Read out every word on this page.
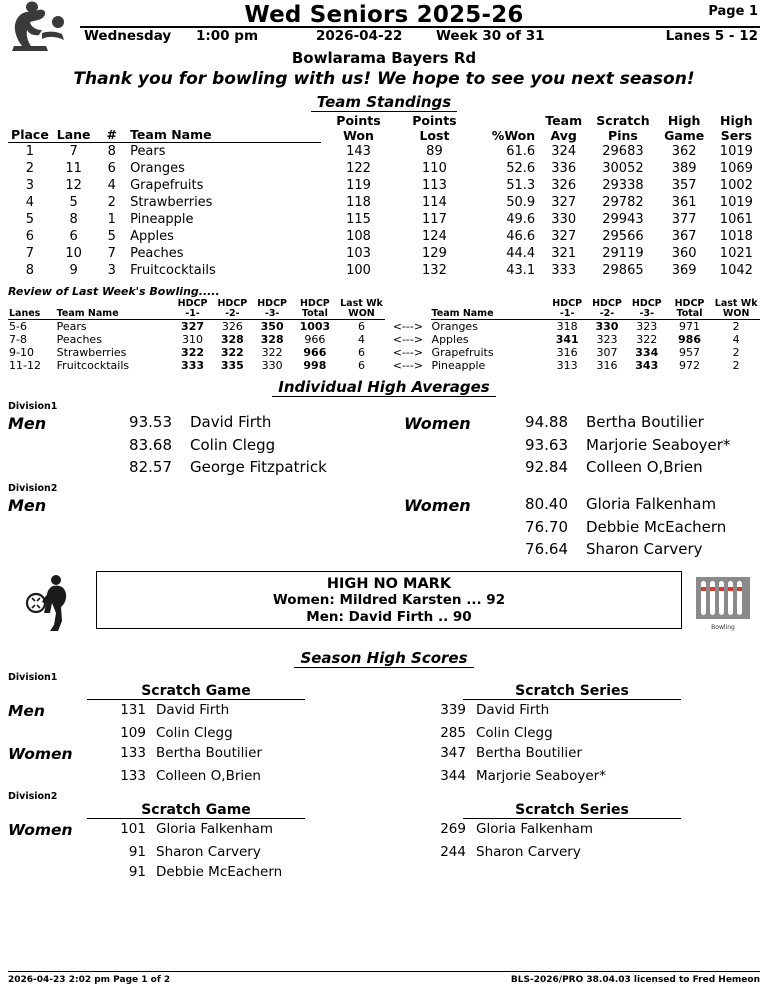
Wed Seniors 2025-26	Page 1
Wednesday	1:00 pm	2026-04-22	Week 30 of 31	Lanes 5 - 12
Bowlarama Bayers Rd
Thank you for bowling with us! We hope to see you next season!
Team Standings
				Points	Points		Team	Scratch	High	High
Place	Lane	#	Team Name	Won	Lost	%Won	Avg	Pins	Game	Sers
1	7	8	Pears	143	89	61.6	324	29683	362	1019
2	11	6	Oranges	122	110	52.6	336	30052	389	1069
3	12	4	Grapefruits	119	113	51.3	326	29338	357	1002
4	5	2	Strawberries	118	114	50.9	327	29782	361	1019
5	8	1	Pineapple	115	117	49.6	330	29943	377	1061
6	6	5	Apples	108	124	46.6	327	29566	367	1018
7	10	7	Peaches	103	129	44.4	321	29119	360	1021
8	9	3	Fruitcocktails	100	132	43.1	333	29865	369	1042
Review of Last Week's Bowling.....
		HDCP	HDCP	HDCP	HDCP	Last Wk			HDCP	HDCP	HDCP	HDCP	Last Wk
Lanes	Team Name	-1-	-2-	-3-	Total	WON		Team Name	-1-	-2-	-3-	Total	WON
5-6	Pears	327	326	350	1003	6	<--->	Oranges	318	330	323	971	2
7-8	Peaches	310	328	328	966	4	<--->	Apples	341	323	322	986	4
9-10	Strawberries	322	322	322	966	6	<--->	Grapefruits	316	307	334	957	2
11-12	Fruitcocktails	333	335	330	998	6	<--->	Pineapple	313	316	343	972	2
Individual High Averages
Division1
Men	93.53	David Firth	Women	94.88	Bertha Boutilier
83.68	Colin Clegg	93.63	Marjorie Seaboyer*
82.57	George Fitzpatrick	92.84	Colleen O,Brien
Division2
Men	Women	80.40	Gloria Falkenham
76.70	Debbie McEachern
76.64	Sharon Carvery
HIGH NO MARK
Women: Mildred Karsten ... 92
Men: David Firth .. 90
Bowling
Season High Scores
Division1
Scratch Game	Scratch Series
Men	131 David Firth	339 David Firth
109 Colin Clegg	285 Colin Clegg
Women	133 Bertha Boutilier	347 Bertha Boutilier
133 Colleen O,Brien	344 Marjorie Seaboyer*
Division2
Scratch Game	Scratch Series
Women	101 Gloria Falkenham	269 Gloria Falkenham
91 Sharon Carvery	244 Sharon Carvery
91 Debbie McEachern
2026-04-23 2:02 pm Page 1 of 2	BLS-2026/PRO 38.04.03 licensed to Fred Hemeon
